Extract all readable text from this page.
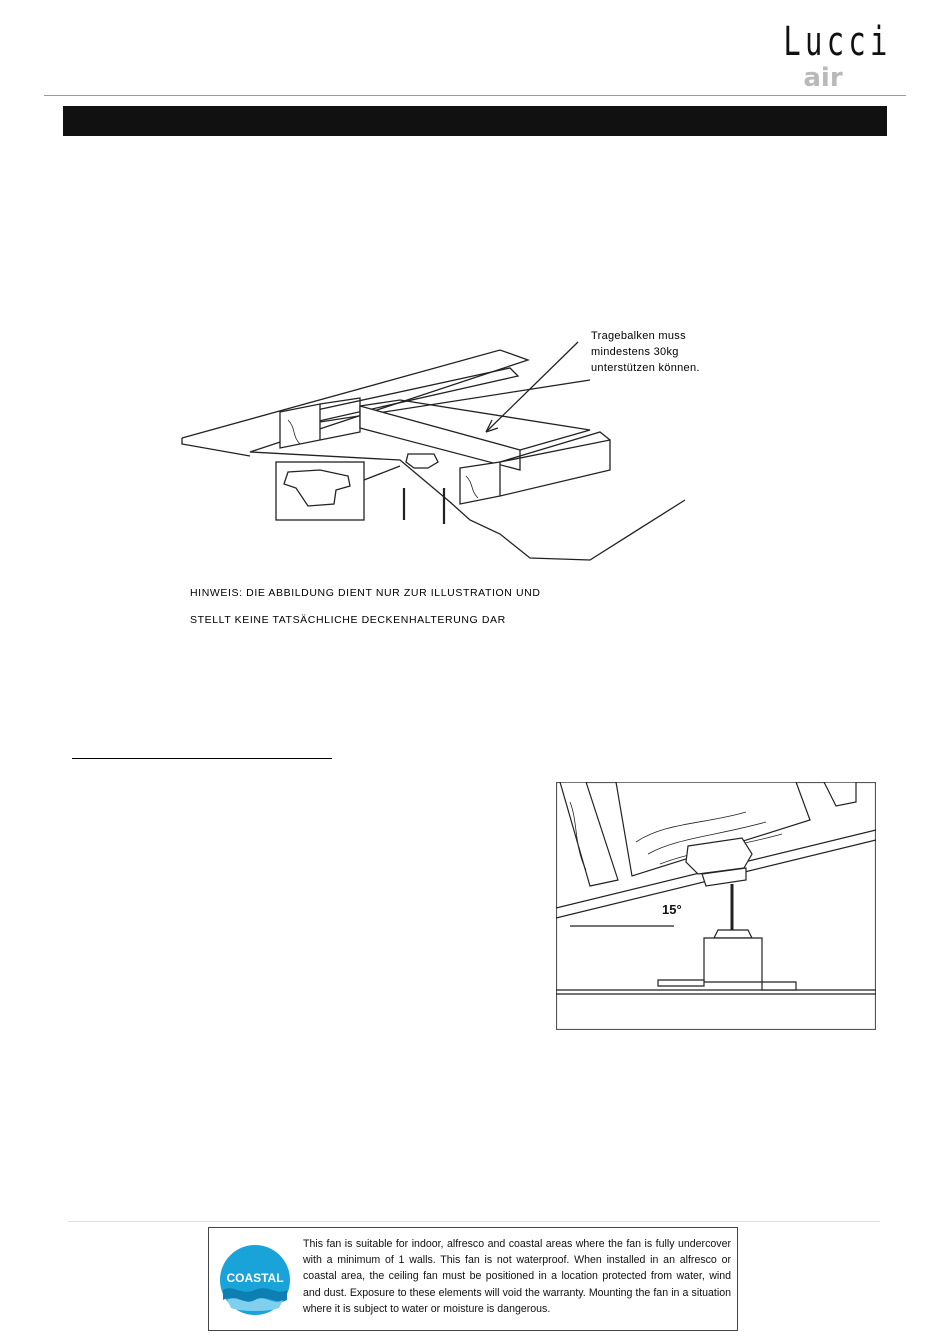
Lucci
air
Tragebalken muss
mindestens 30kg
unterstützen können.
HINWEIS: DIE ABBILDUNG DIENT NUR ZUR ILLUSTRATION UND
STELLT KEINE TATSÄCHLICHE DECKENHALTERUNG DAR
15°
COASTAL
This fan is suitable for indoor, alfresco and coastal areas where the fan is fully undercover with a minimum of 1 walls. This fan is not waterproof. When installed in an alfresco or coastal area, the ceiling fan must be positioned in a location protected from water, wind and dust. Exposure to these elements will void the warranty. Mounting the fan in a situation where it is subject to water or moisture is dangerous.
